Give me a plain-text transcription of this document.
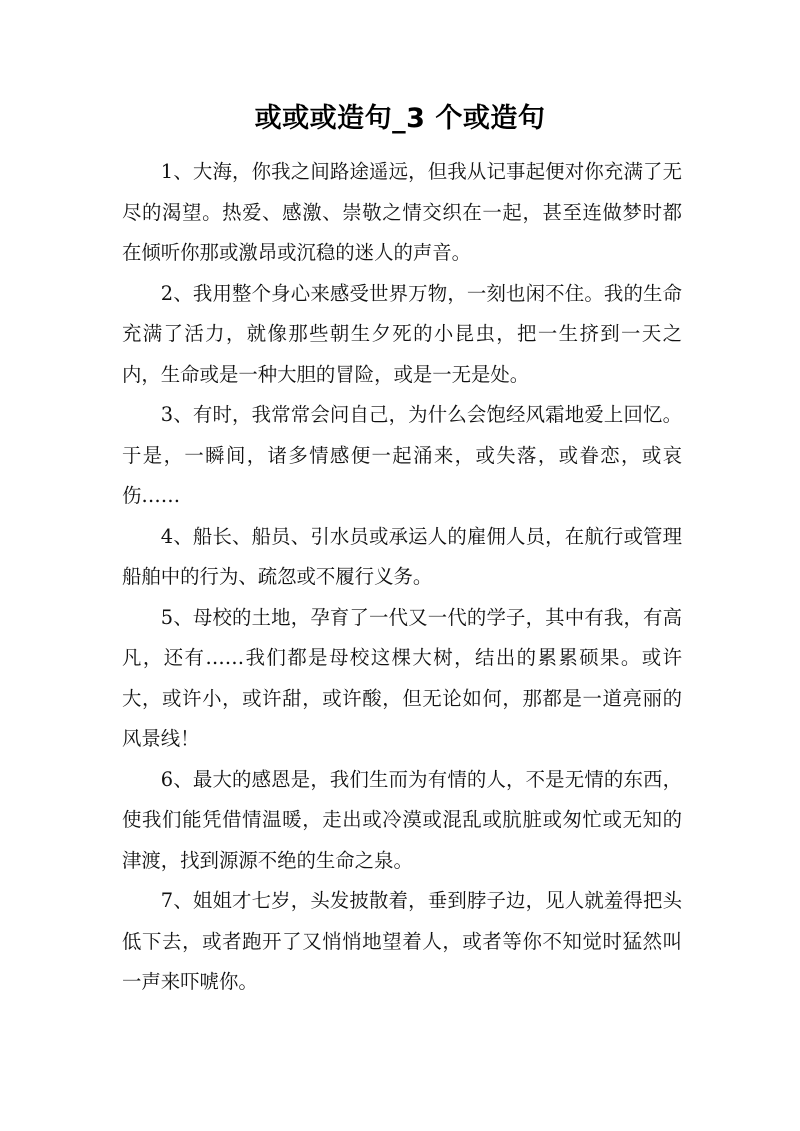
或或或造句_3 个或造句

1、大海，你我之间路途遥远，但我从记事起便对你充满了无尽的渴望。热爱、感激、崇敬之情交织在一起，甚至连做梦时都在倾听你那或激昂或沉稳的迷人的声音。

2、我用整个身心来感受世界万物，一刻也闲不住。我的生命充满了活力，就像那些朝生夕死的小昆虫，把一生挤到一天之内，生命或是一种大胆的冒险，或是一无是处。

3、有时，我常常会问自己，为什么会饱经风霜地爱上回忆。于是，一瞬间，诸多情感便一起涌来，或失落，或眷恋，或哀伤……

4、船长、船员、引水员或承运人的雇佣人员，在航行或管理船舶中的行为、疏忽或不履行义务。

5、母校的土地，孕育了一代又一代的学子，其中有我，有高凡，还有……我们都是母校这棵大树，结出的累累硕果。或许大，或许小，或许甜，或许酸，但无论如何，那都是一道亮丽的风景线！

6、最大的感恩是，我们生而为有情的人，不是无情的东西，使我们能凭借情温暖，走出或冷漠或混乱或肮脏或匆忙或无知的津渡，找到源源不绝的生命之泉。

7、姐姐才七岁，头发披散着，垂到脖子边，见人就羞得把头低下去，或者跑开了又悄悄地望着人，或者等你不知觉时猛然叫一声来吓唬你。
